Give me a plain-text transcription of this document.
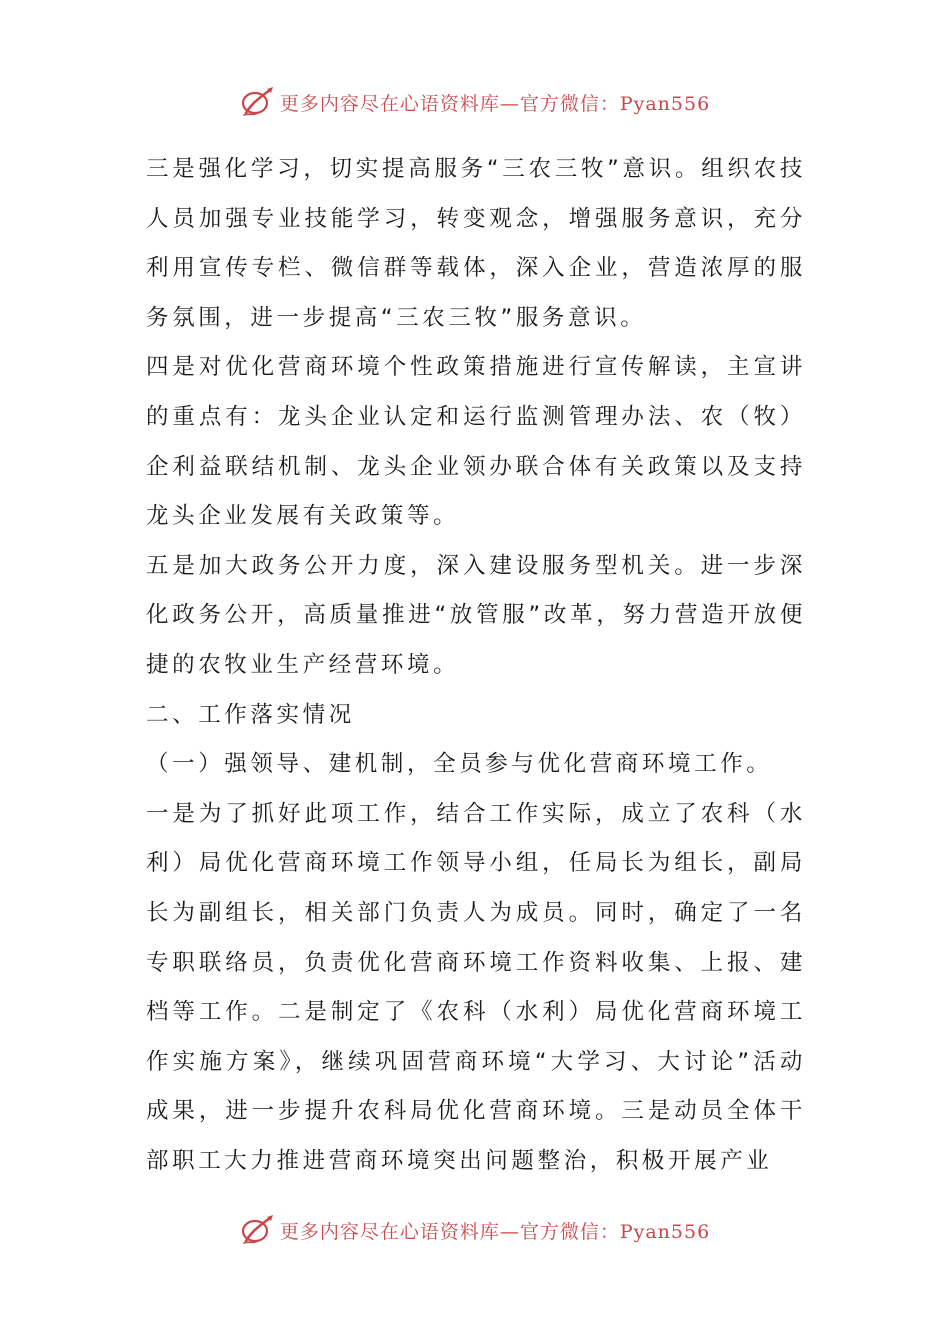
更多内容尽在心语资料库—官方微信：Pyan556

三是强化学习，切实提高服务“三农三牧”意识。组织农技人员加强专业技能学习，转变观念，增强服务意识，充分利用宣传专栏、微信群等载体，深入企业，营造浓厚的服务氛围，进一步提高“三农三牧”服务意识。

四是对优化营商环境个性政策措施进行宣传解读，主宣讲的重点有：龙头企业认定和运行监测管理办法、农（牧）企利益联结机制、龙头企业领办联合体有关政策以及支持龙头企业发展有关政策等。

五是加大政务公开力度，深入建设服务型机关。进一步深化政务公开，高质量推进“放管服”改革，努力营造开放便捷的农牧业生产经营环境。

二、工作落实情况

（一）强领导、建机制，全员参与优化营商环境工作。

一是为了抓好此项工作，结合工作实际，成立了农科（水利）局优化营商环境工作领导小组，任局长为组长，副局长为副组长，相关部门负责人为成员。同时，确定了一名专职联络员，负责优化营商环境工作资料收集、上报、建档等工作。二是制定了《农科（水利）局优化营商环境工作实施方案》，继续巩固营商环境“大学习、大讨论”活动成果，进一步提升农科局优化营商环境。三是动员全体干部职工大力推进营商环境突出问题整治，积极开展产业

更多内容尽在心语资料库—官方微信：Pyan556
